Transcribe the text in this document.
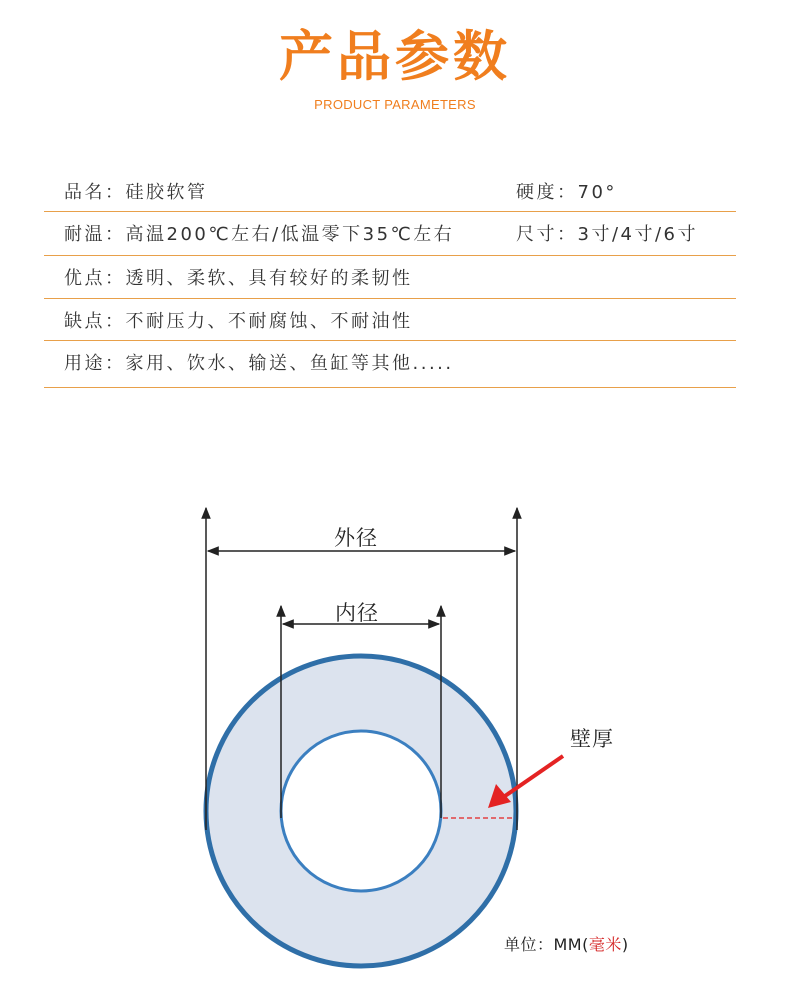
产品参数
PRODUCT PARAMETERS
品名：硅胶软管	硬度：70°
耐温：高温200℃左右/低温零下35℃左右	尺寸：3寸/4寸/6寸
优点：透明、柔软、具有较好的柔韧性
缺点：不耐压力、不耐腐蚀、不耐油性
用途：家用、饮水、输送、鱼缸等其他.....
外径
内径
壁厚
单位：MM(毫米)
